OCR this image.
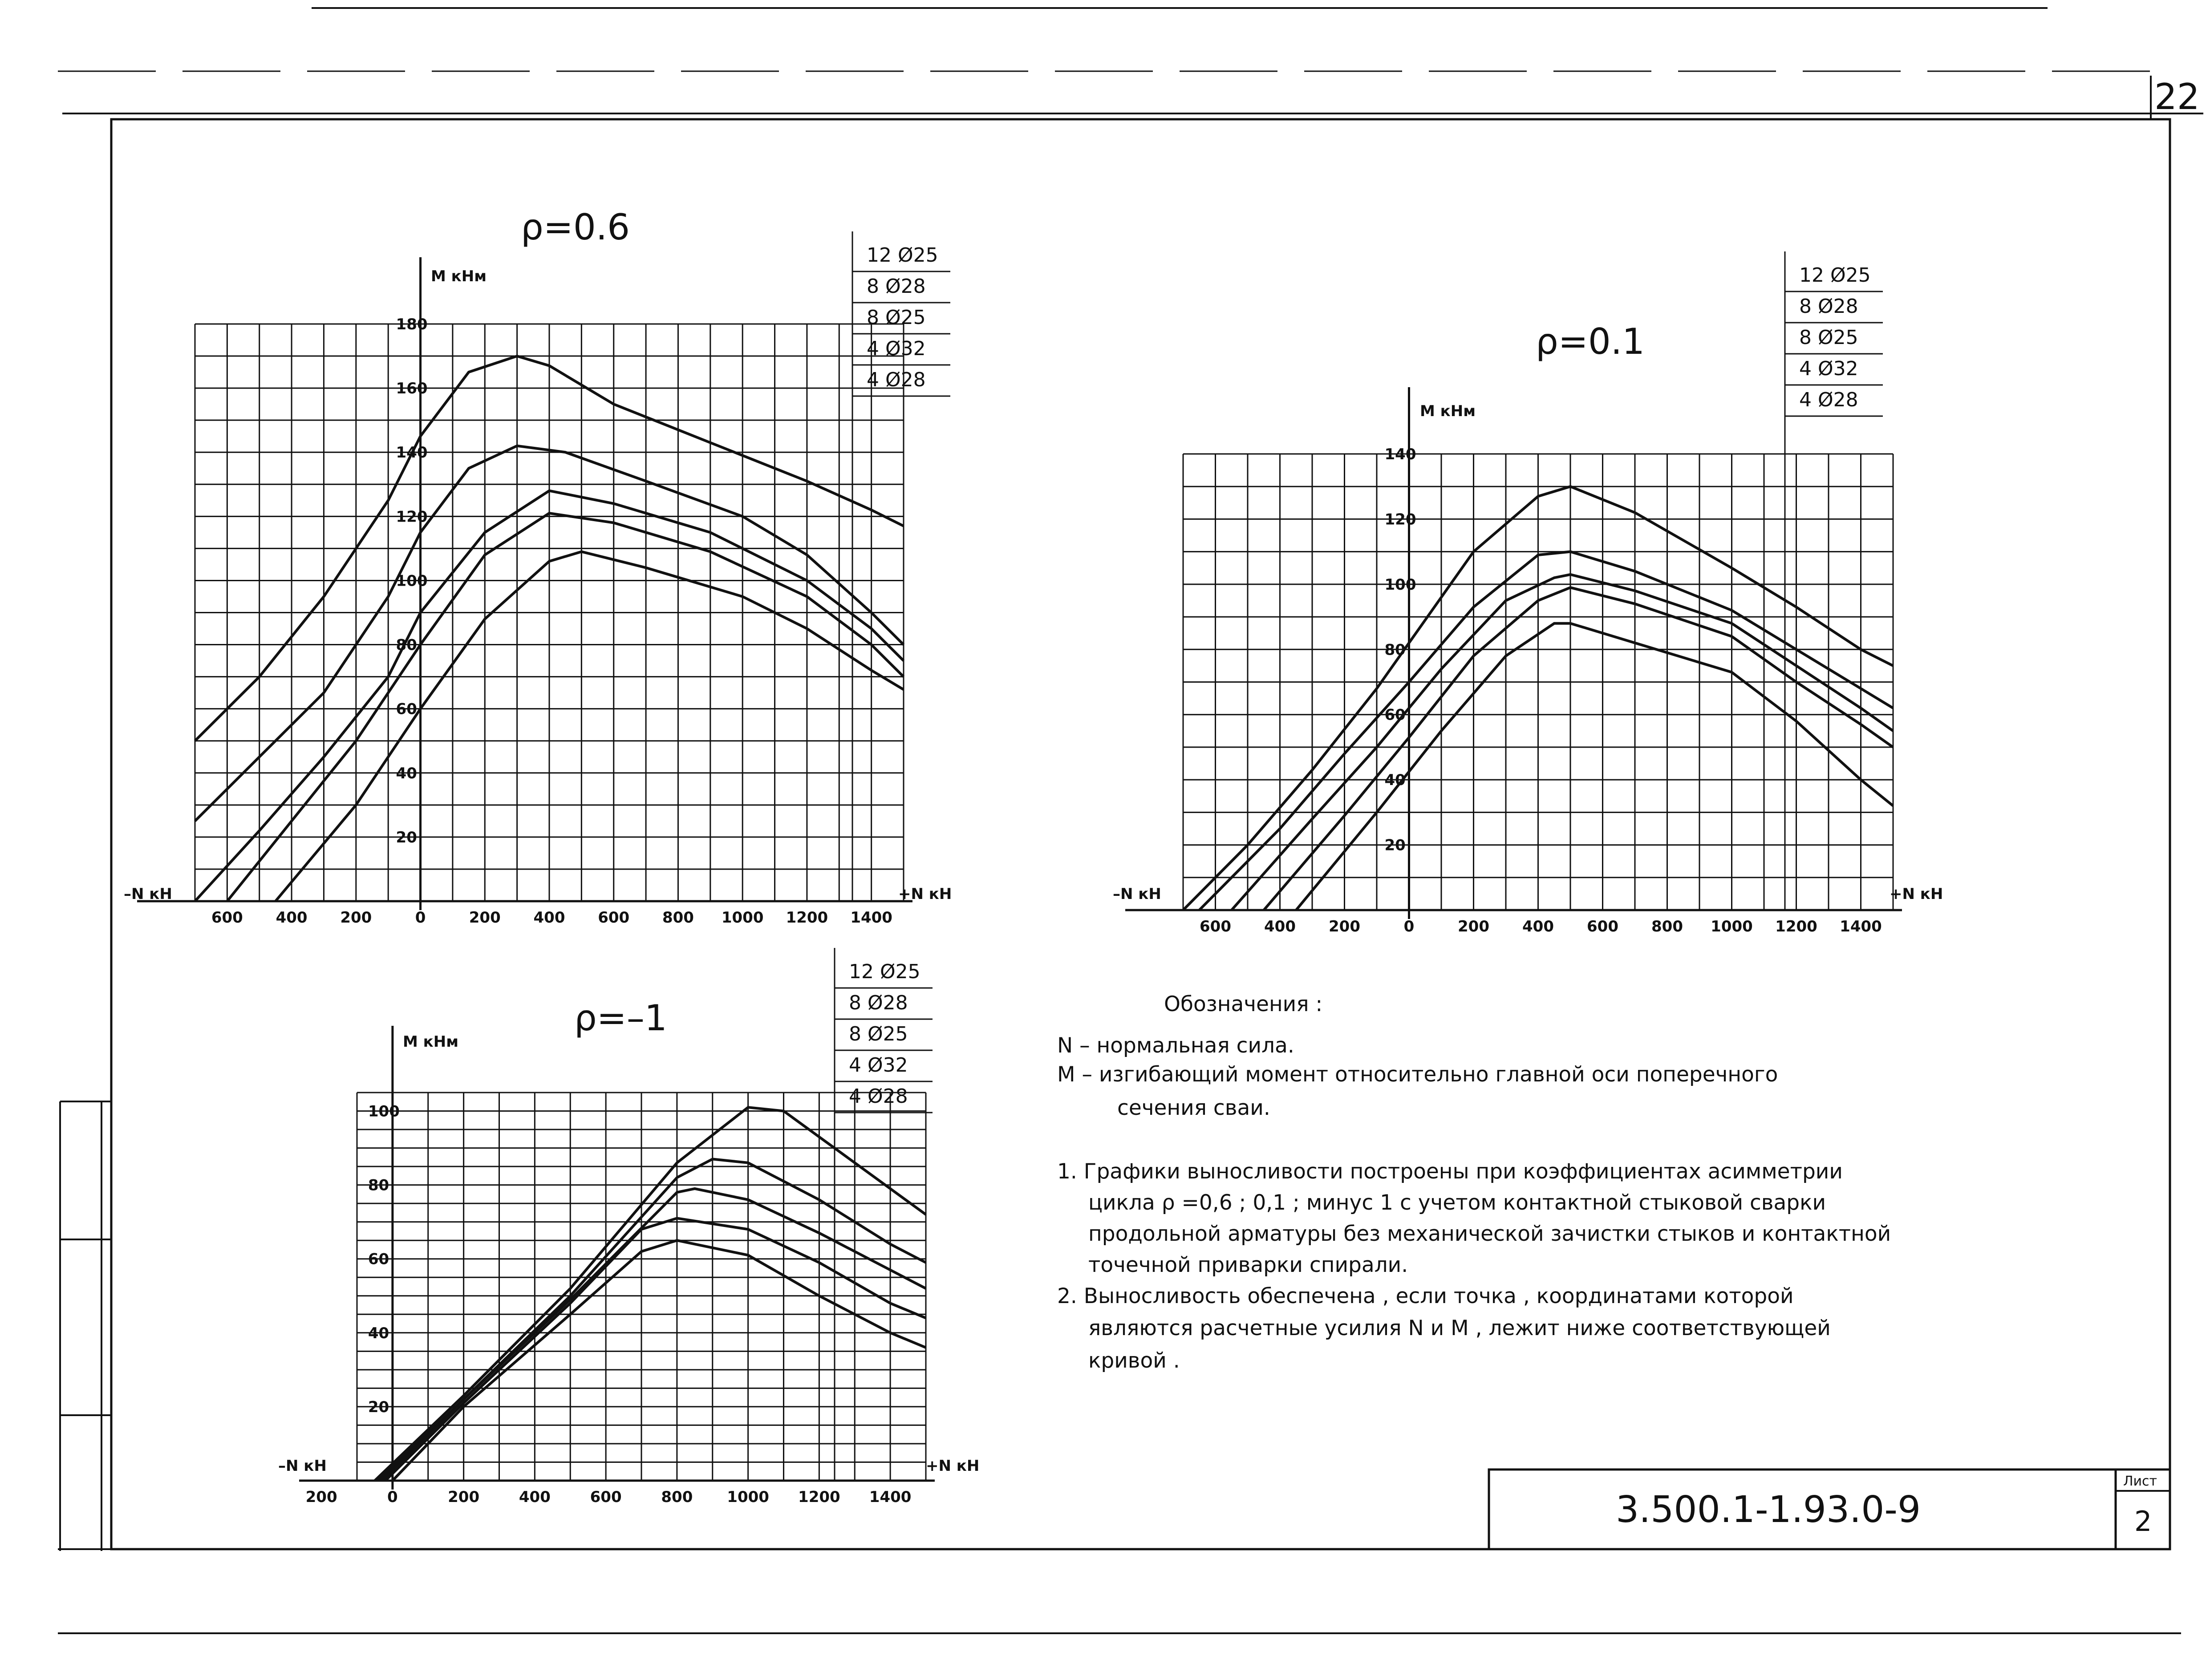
22
ρ=0.6
М кНм
–N кН	+N кН
600 400 200	0	200 400 600 800 1000 1200 1400
20
40
60
80
100
120
140
160
180
12 Ø25
8 Ø28
8 Ø25
4 Ø32
4 Ø28
ρ=0.1
М кНм
–N кН	+N кН
600 400 200	0	200 400 600 800 1000 1200 1400
20
40
60
80
100
120
140
12 Ø25
8 Ø28
8 Ø25
4 Ø32
4 Ø28
ρ=–1
М кНм
–N кН	+N кН
200	0	200	400	600	800 1000 1200 1400
20
40
60
80
100
12 Ø25
8 Ø28
8 Ø25
4 Ø32
4 Ø28
Обозначения :
N – нормальная сила.
M – изгибающий момент относительно главной оси поперечного
сечения сваи.
1. Графики выносливости построены при коэффициентах асимметрии
цикла ρ =0,6 ; 0,1 ; минус 1 с учетом контактной стыковой сварки
продольной арматуры без механической зачистки стыков и контактной
точечной приварки спирали.
2. Выносливость обеспечена , если точка , координатами которой
являются расчетные усилия N и M , лежит ниже соответствующей
кривой .
3.500.1-1.93.0-9
Лист
2
